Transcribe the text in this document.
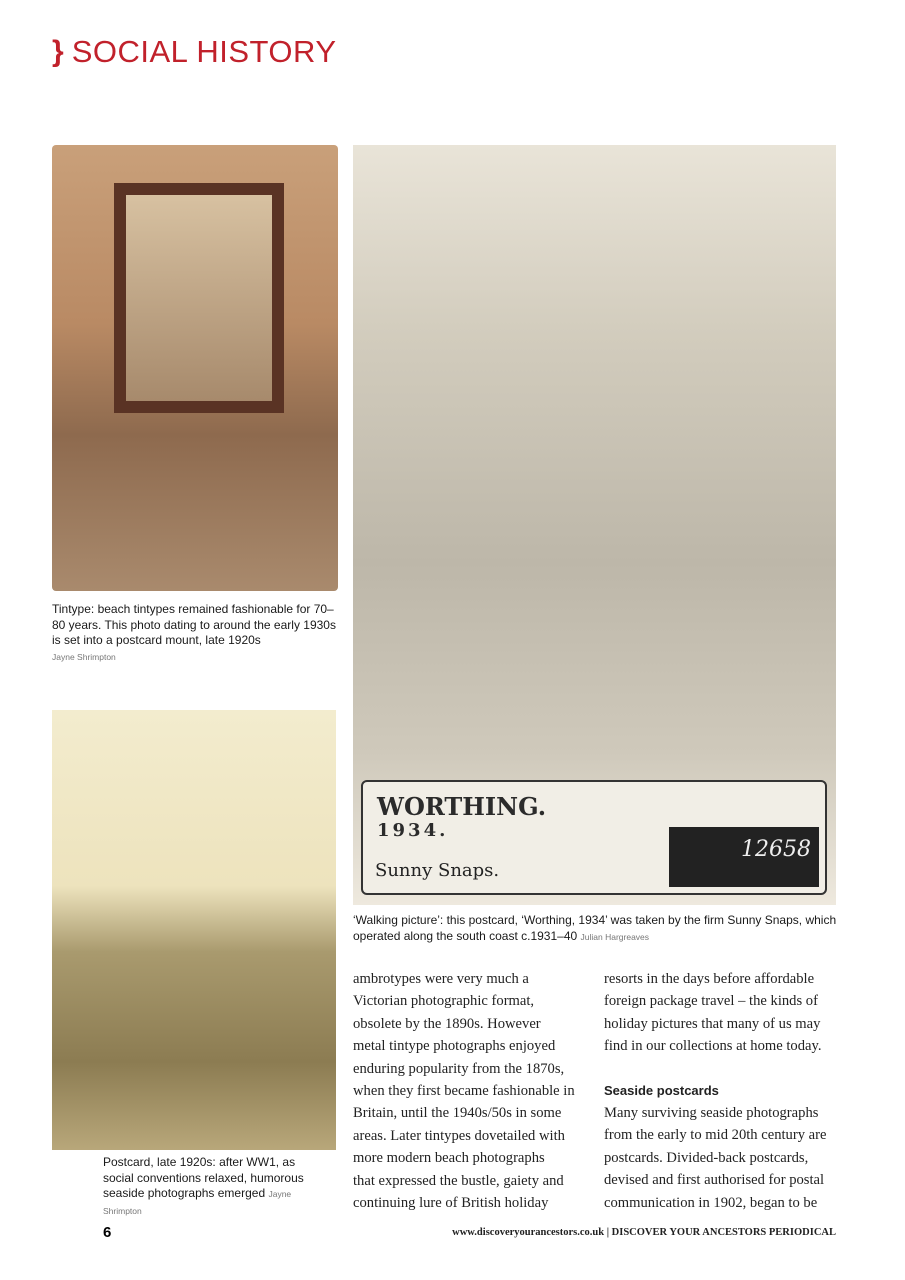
} SOCIAL HISTORY
Tintype: beach tintypes remained fashionable for 70–80 years. This photo dating to around the early 1930s is set into a postcard mount, late 1920s
Jayne Shrimpton
WORTHING.
1934.
Sunny Snaps.
12658
‘Walking picture’: this postcard, ‘Worthing, 1934’ was taken by the firm Sunny Snaps, which operated along the south coast c.1931–40 Julian Hargreaves
Postcard, late 1920s: after WW1, as social conventions relaxed, humorous seaside photographs emerged Jayne Shrimpton
ambrotypes were very much a
Victorian photographic format,
obsolete by the 1890s. However
metal tintype photographs enjoyed
enduring popularity from the 1870s,
when they first became fashionable in
Britain, until the 1940s/50s in some
areas. Later tintypes dovetailed with
more modern beach photographs
that expressed the bustle, gaiety and
continuing lure of British holiday
resorts in the days before affordable
foreign package travel – the kinds of
holiday pictures that many of us may
find in our collections at home today.
Seaside postcards
Many surviving seaside photographs
from the early to mid 20th century are
postcards. Divided-back postcards,
devised and first authorised for postal
communication in 1902, began to be
6	www.discoveryourancestors.co.uk | DISCOVER YOUR ANCESTORS PERIODICAL
